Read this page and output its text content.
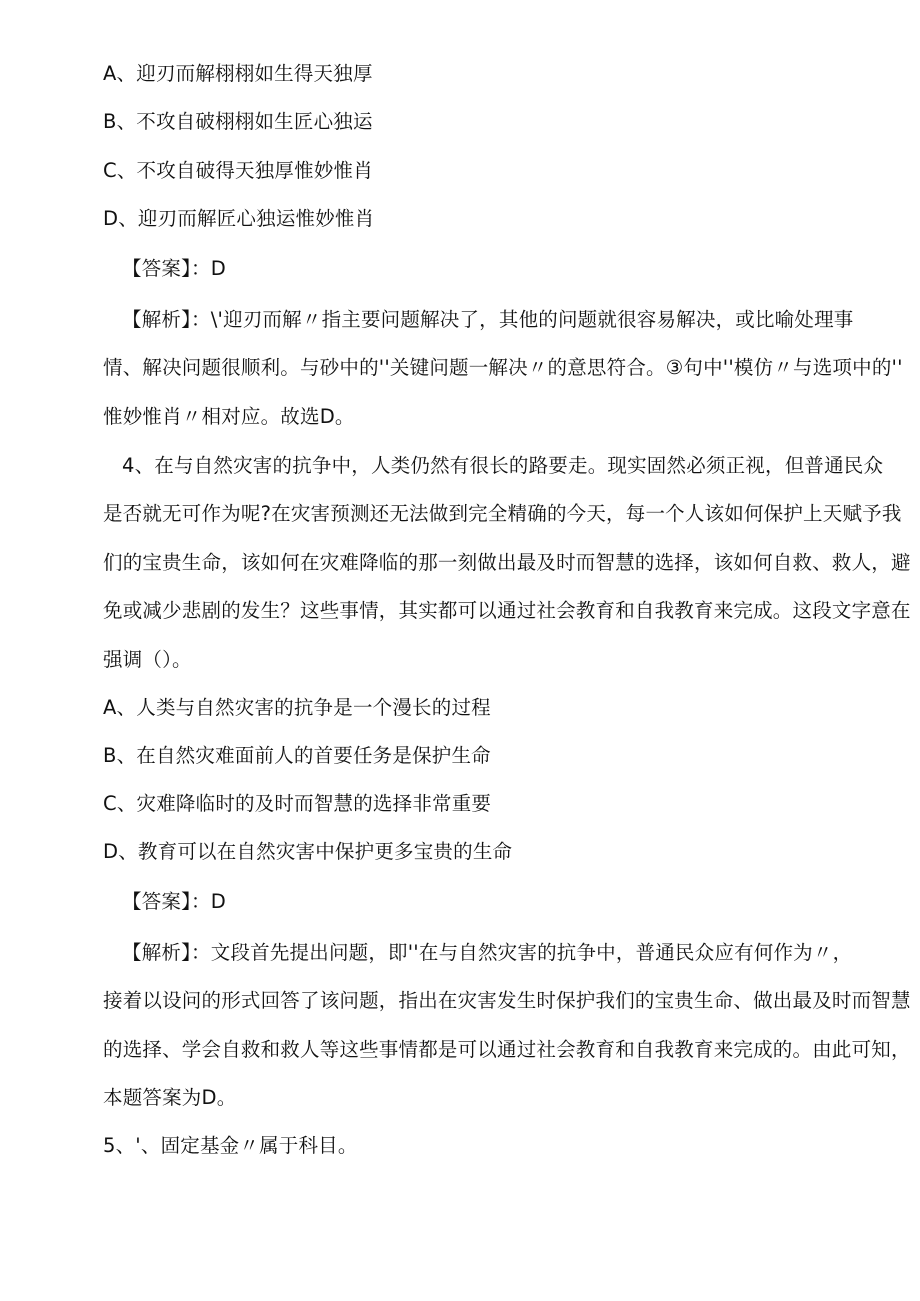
A、迎刃而解栩栩如生得天独厚
B、不攻自破栩栩如生匠心独运
C、不攻自破得天独厚惟妙惟肖
D、迎刃而解匠心独运惟妙惟肖
【答案】：D
【解析】：\'迎刃而解〃指主要问题解决了，其他的问题就很容易解决，或比喻处理事
情、解决问题很顺利。与砂中的''关键问题一解决〃的意思符合。③句中''模仿〃与选项中的''
惟妙惟肖〃相对应。故选D。
4、在与自然灾害的抗争中，人类仍然有很长的路要走。现实固然必须正视，但普通民众
是否就无可作为呢?在灾害预测还无法做到完全精确的今天，每一个人该如何保护上天赋予我
们的宝贵生命，该如何在灾难降临的那一刻做出最及时而智慧的选择，该如何自救、救人，避
免或减少悲剧的发生？这些事情，其实都可以通过社会教育和自我教育来完成。这段文字意在
强调（）。
A、人类与自然灾害的抗争是一个漫长的过程
B、在自然灾难面前人的首要任务是保护生命
C、灾难降临时的及时而智慧的选择非常重要
D、教育可以在自然灾害中保护更多宝贵的生命
【答案】：D
【解析】：文段首先提出问题，即''在与自然灾害的抗争中，普通民众应有何作为〃，
接着以设问的形式回答了该问题，指出在灾害发生时保护我们的宝贵生命、做出最及时而智慧
的选择、学会自救和救人等这些事情都是可以通过社会教育和自我教育来完成的。由此可知，
本题答案为D。
5、'、固定基金〃属于科目。
